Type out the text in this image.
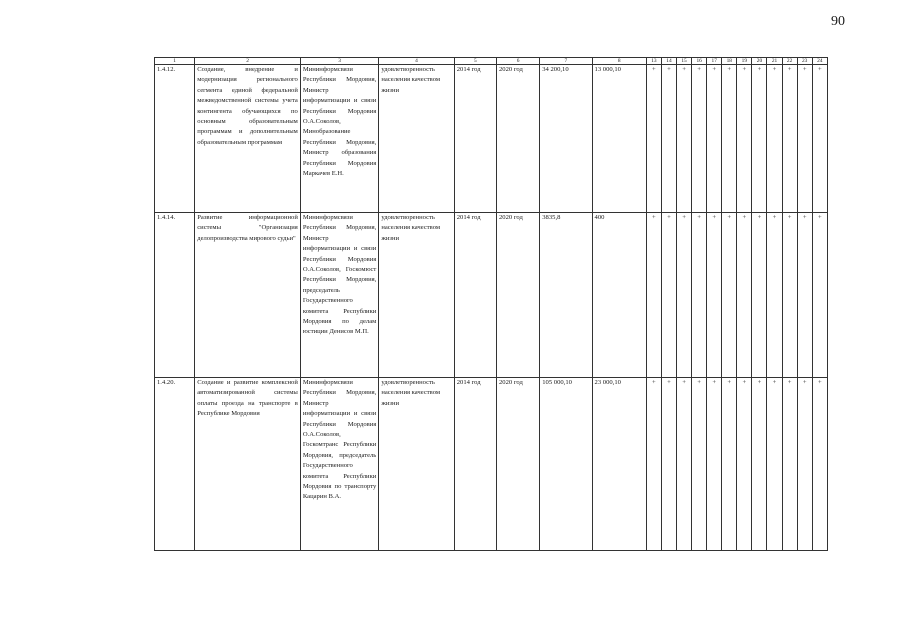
90
1	2	3	4	5	6	7	8	13	14	15	16	17	18	19	20	21	22	23	24
1.4.12.	Создание, внедрение и модернизация регионального сегмента единой федеральной межведомственной системы учета контингента обучающихся по основным образовательным программам и дополнительным образовательным программам	Мининформсвязи Республики Мордовия, Министр информатизации и связи Республики Мордовия О.А.Соколов, Минобразование Республики Мордовия, Министр образования Республики Мордовия Маркачев Е.Н.	удовлетворенность населения качеством жизни	2014 год	2020 год	34 200,10	13 000,10	+	+	+	+	+	+	+	+	+	+	+	+
1.4.14.	Развитие информационной системы "Организация делопроизводства мирового судьи"	Мининформсвязи Республики Мордовия, Министр информатизации и связи Республики Мордовия О.А.Соколов, Госкомюст Республики Мордовия, председатель Государственного комитета Республики Мордовия по делам юстиции Денисов М.П.	удовлетворенность населения качеством жизни	2014 год	2020 год	3835,8	400	+	+	+	+	+	+	+	+	+	+	+	+
1.4.20.	Создание и развитие комплексной автоматизированной системы оплаты проезда на транспорте в Республике Мордовия	Мининформсвязи Республики Мордовия, Министр информатизации и связи Республики Мордовия О.А.Соколов, Госкомтранс Республики Мордовия, председатель Государственного комитета Республики Мордовия по транспорту Кацарин В.А.	удовлетворенность населения качеством жизни	2014 год	2020 год	105 000,10	23 000,10	+	+	+	+	+	+	+	+	+	+	+	+
